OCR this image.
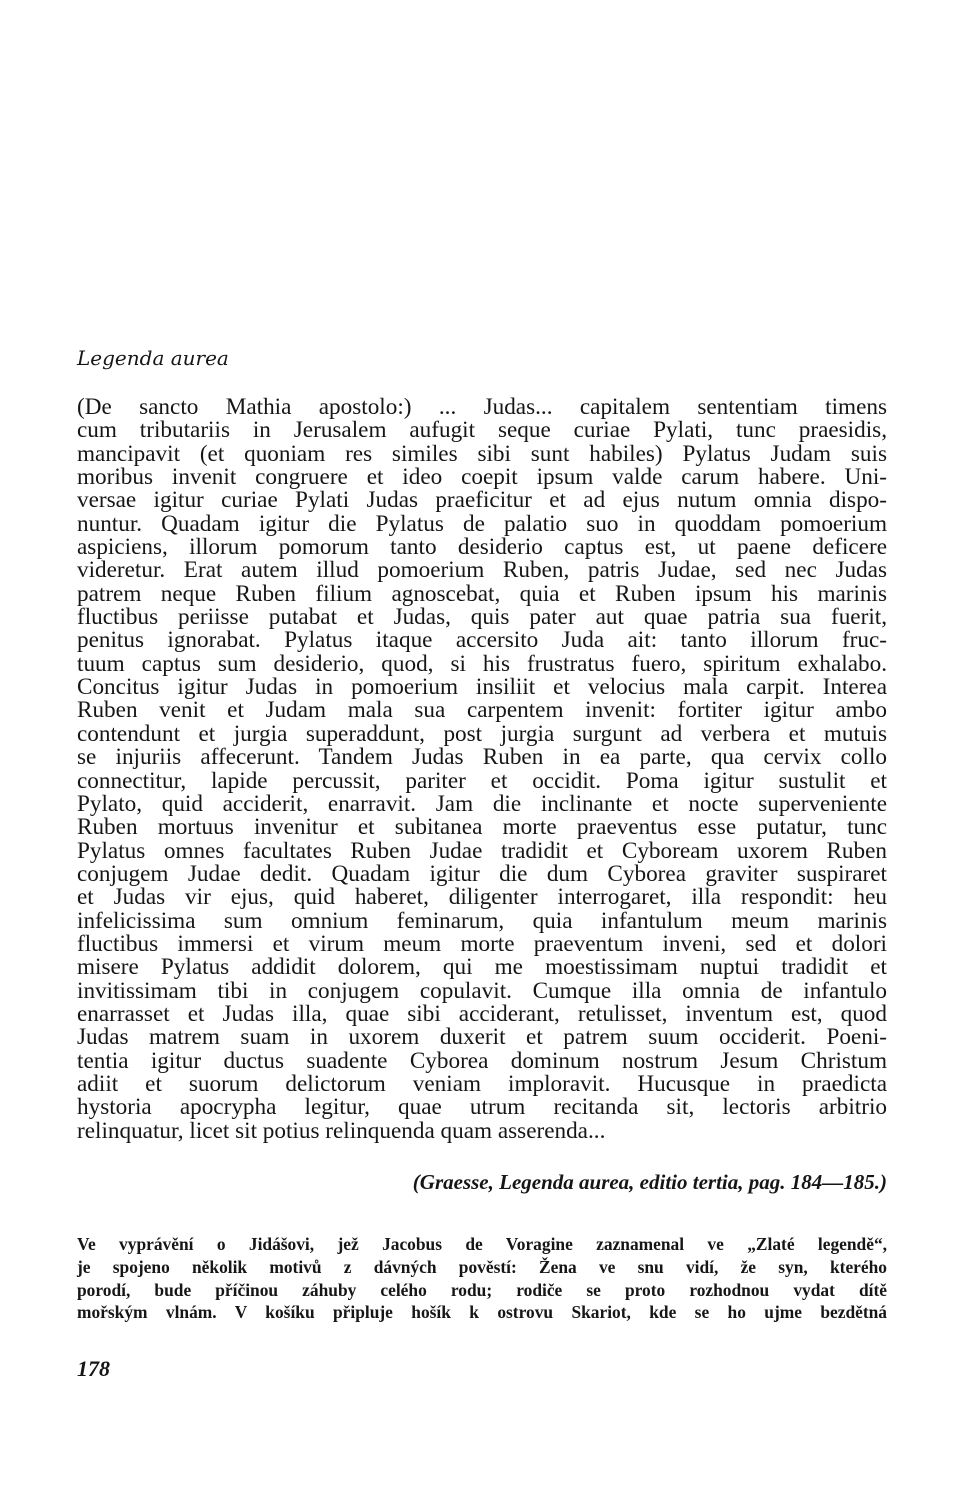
Legenda aurea
(De sancto Mathia apostolo:) ... Judas... capitalem sententiam timens
cum tributariis in Jerusalem aufugit seque curiae Pylati, tunc praesidis,
mancipavit (et quoniam res similes sibi sunt habiles) Pylatus Judam suis
moribus invenit congruere et ideo coepit ipsum valde carum habere. Uni-
versae igitur curiae Pylati Judas praeficitur et ad ejus nutum omnia dispo-
nuntur. Quadam igitur die Pylatus de palatio suo in quoddam pomoerium
aspiciens, illorum pomorum tanto desiderio captus est, ut paene deficere
videretur. Erat autem illud pomoerium Ruben, patris Judae, sed nec Judas
patrem neque Ruben filium agnoscebat, quia et Ruben ipsum his marinis
fluctibus periisse putabat et Judas, quis pater aut quae patria sua fuerit,
penitus ignorabat. Pylatus itaque accersito Juda ait: tanto illorum fruc-
tuum captus sum desiderio, quod, si his frustratus fuero, spiritum exhalabo.
Concitus igitur Judas in pomoerium insiliit et velocius mala carpit. Interea
Ruben venit et Judam mala sua carpentem invenit: fortiter igitur ambo
contendunt et jurgia superaddunt, post jurgia surgunt ad verbera et mutuis
se injuriis affecerunt. Tandem Judas Ruben in ea parte, qua cervix collo
connectitur, lapide percussit, pariter et occidit. Poma igitur sustulit et
Pylato, quid acciderit, enarravit. Jam die inclinante et nocte superveniente
Ruben mortuus invenitur et subitanea morte praeventus esse putatur, tunc
Pylatus omnes facultates Ruben Judae tradidit et Cyboream uxorem Ruben
conjugem Judae dedit. Quadam igitur die dum Cyborea graviter suspiraret
et Judas vir ejus, quid haberet, diligenter interrogaret, illa respondit: heu
infelicissima sum omnium feminarum, quia infantulum meum marinis
fluctibus immersi et virum meum morte praeventum inveni, sed et dolori
misere Pylatus addidit dolorem, qui me moestissimam nuptui tradidit et
invitissimam tibi in conjugem copulavit. Cumque illa omnia de infantulo
enarrasset et Judas illa, quae sibi acciderant, retulisset, inventum est, quod
Judas matrem suam in uxorem duxerit et patrem suum occiderit. Poeni-
tentia igitur ductus suadente Cyborea dominum nostrum Jesum Christum
adiit et suorum delictorum veniam imploravit. Hucusque in praedicta
hystoria apocrypha legitur, quae utrum recitanda sit, lectoris arbitrio
relinquatur, licet sit potius relinquenda quam asserenda...

(Graesse, Legenda aurea, editio tertia, pag. 184—185.)

Ve vyprávění o Jidášovi, jež Jacobus de Voragine zaznamenal ve „Zlaté legendě“,
je spojeno několik motivů z dávných pověstí: Žena ve snu vidí, že syn, kterého
porodí, bude příčinou záhuby celého rodu; rodiče se proto rozhodnou vydat dítě
mořským vlnám. V košíku připluje hošík k ostrovu Skariot, kde se ho ujme bezdětná

178
